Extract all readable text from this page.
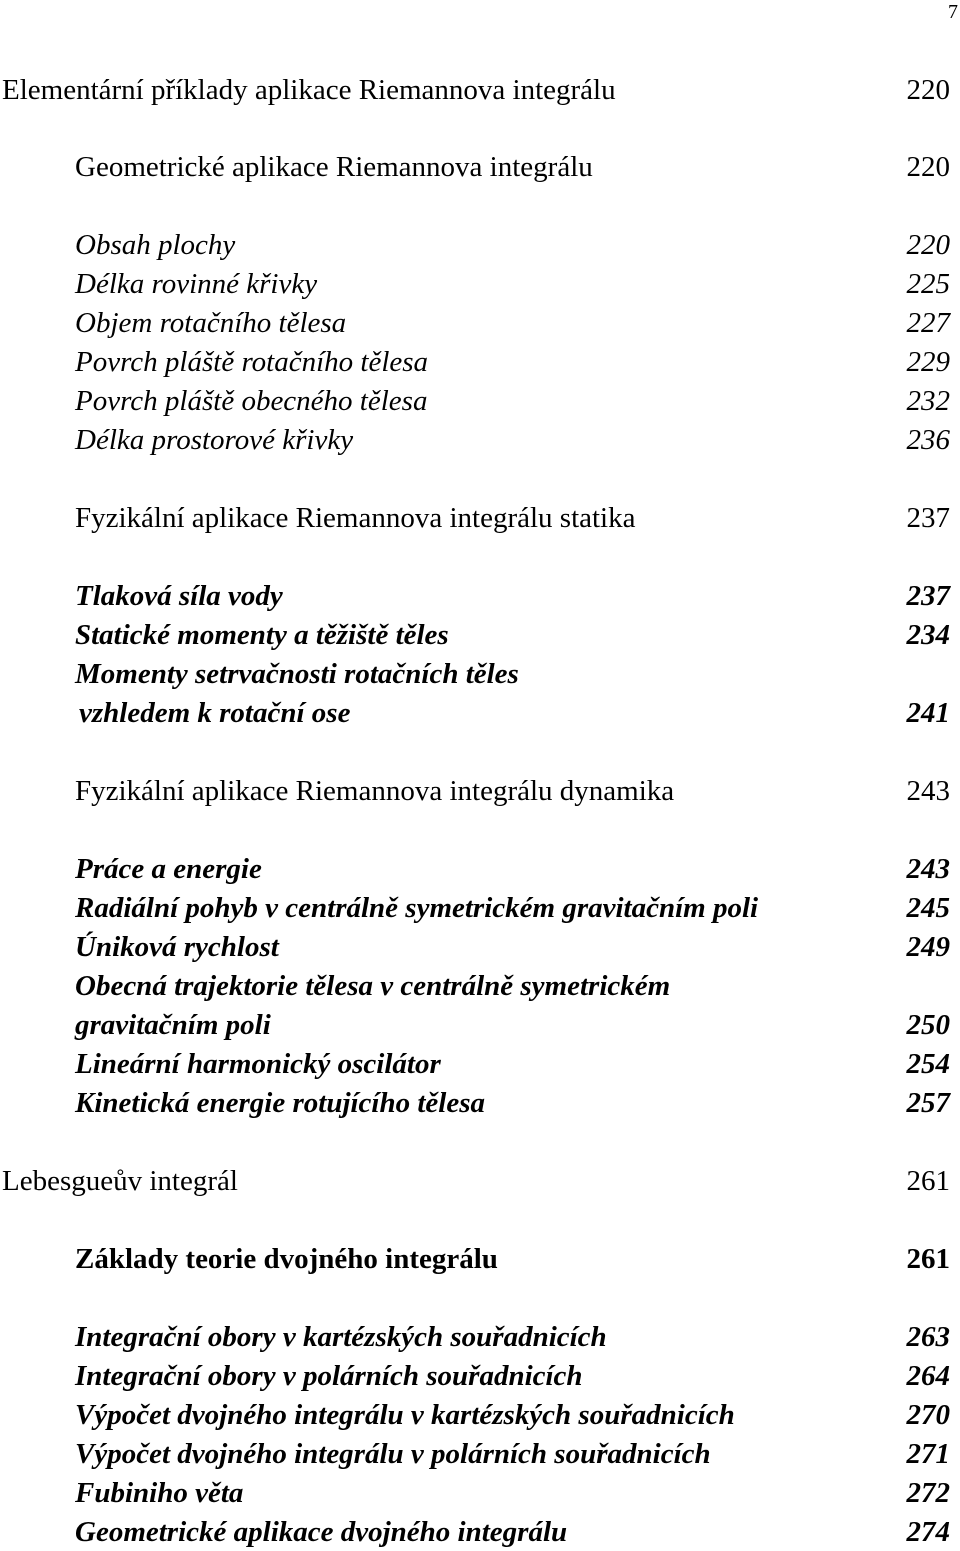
7
Elementární příklady aplikace Riemannova integrálu	220
Geometrické aplikace Riemannova integrálu	220
Obsah plochy	220
Délka rovinné křivky	225
Objem rotačního tělesa	227
Povrch pláště rotačního tělesa	229
Povrch pláště obecného tělesa	232
Délka prostorové křivky	236
Fyzikální aplikace Riemannova integrálu statika	237
Tlaková síla vody	237
Statické momenty a těžiště těles	234
Momenty setrvačnosti rotačních těles
vzhledem k rotační ose	241
Fyzikální aplikace Riemannova integrálu dynamika	243
Práce a energie	243
Radiální pohyb v centrálně symetrickém gravitačním poli	245
Úniková rychlost	249
Obecná trajektorie tělesa v centrálně symetrickém
gravitačním poli	250
Lineární harmonický oscilátor	254
Kinetická energie rotujícího tělesa	257
Lebesgueův integrál	261
Základy teorie dvojného integrálu	261
Integrační obory v kartézských souřadnicích	263
Integrační obory v polárních souřadnicích	264
Výpočet dvojného integrálu v kartézských souřadnicích	270
Výpočet dvojného integrálu v polárních souřadnicích	271
Fubiniho věta	272
Geometrické aplikace dvojného integrálu	274
